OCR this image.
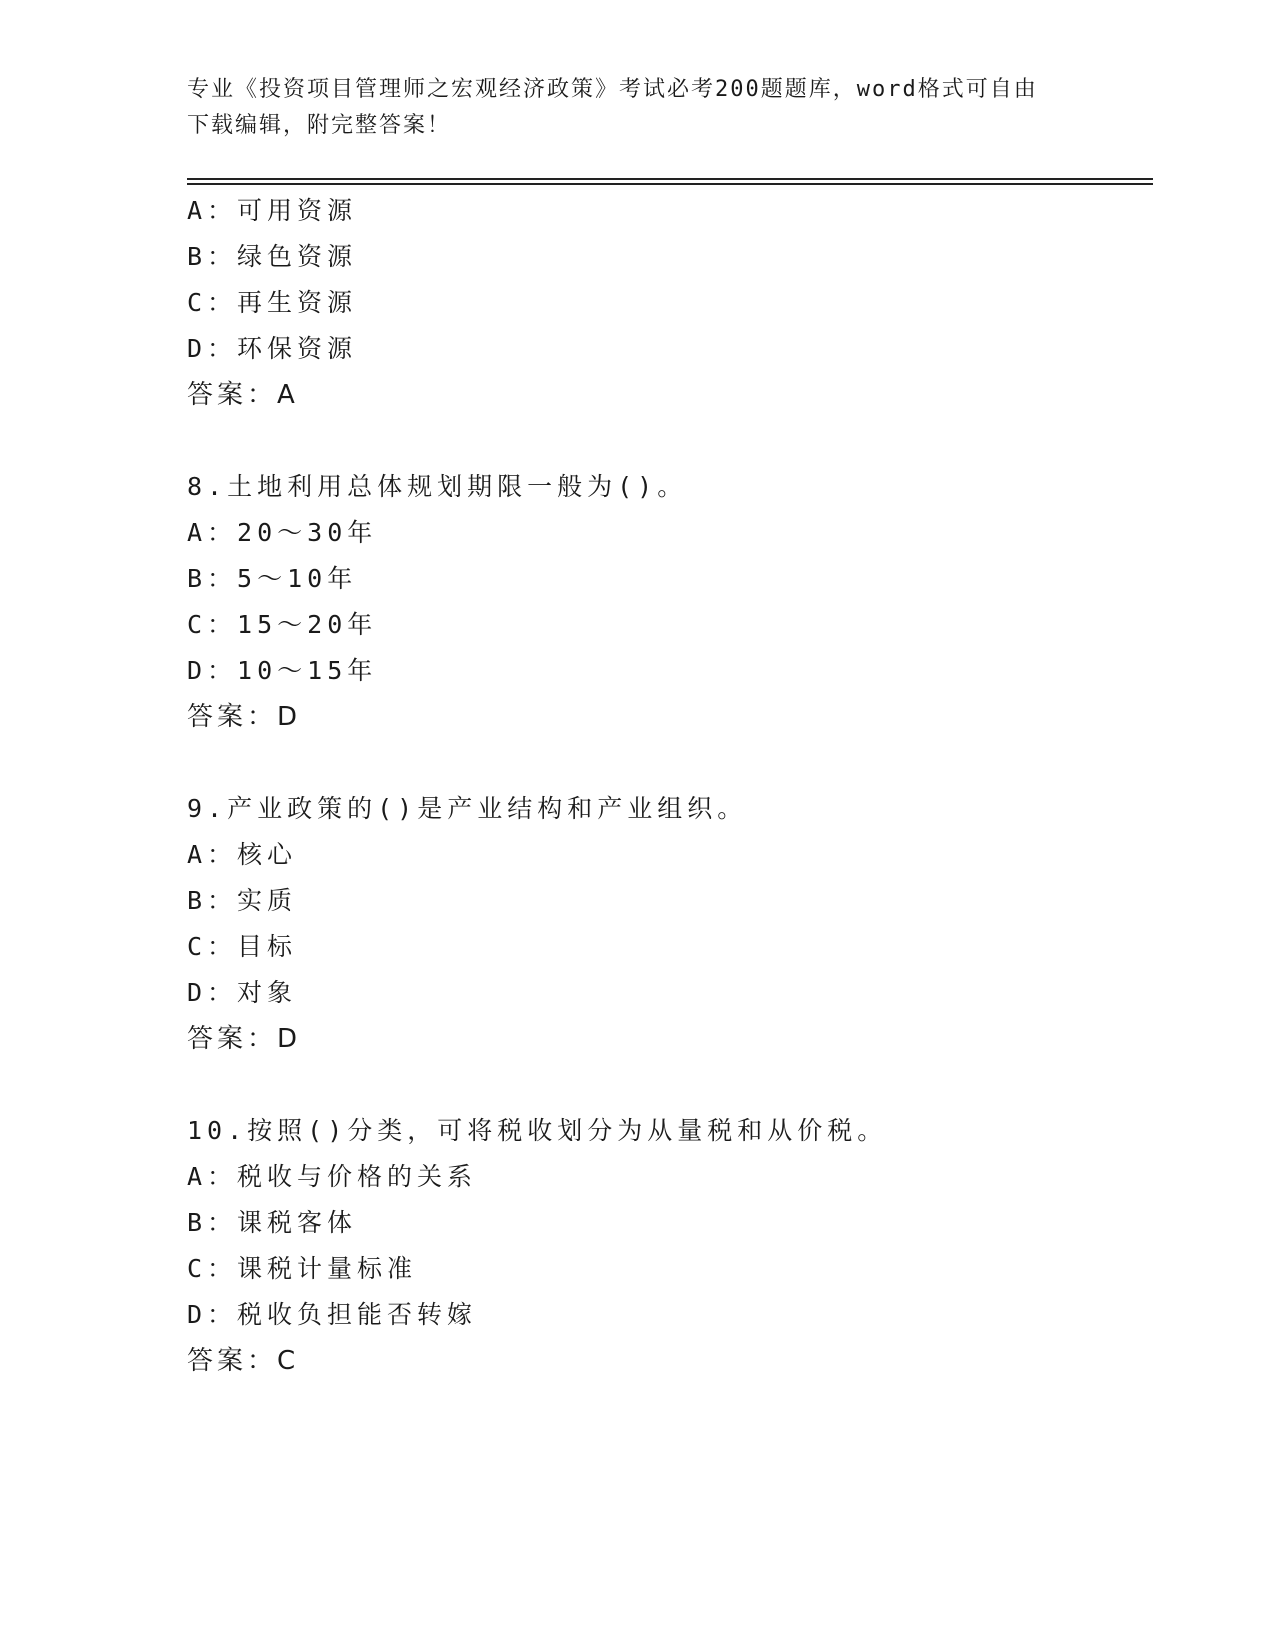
专业《投资项目管理师之宏观经济政策》考试必考200题题库，word格式可自由
下载编辑，附完整答案！
A：可用资源
B：绿色资源
C：再生资源
D：环保资源
答案：A
8.土地利用总体规划期限一般为()。
A：20～30年
B：5～10年
C：15～20年
D：10～15年
答案：D
9.产业政策的()是产业结构和产业组织。
A：核心
B：实质
C：目标
D：对象
答案：D
10.按照()分类，可将税收划分为从量税和从价税。
A：税收与价格的关系
B：课税客体
C：课税计量标准
D：税收负担能否转嫁
答案：C
